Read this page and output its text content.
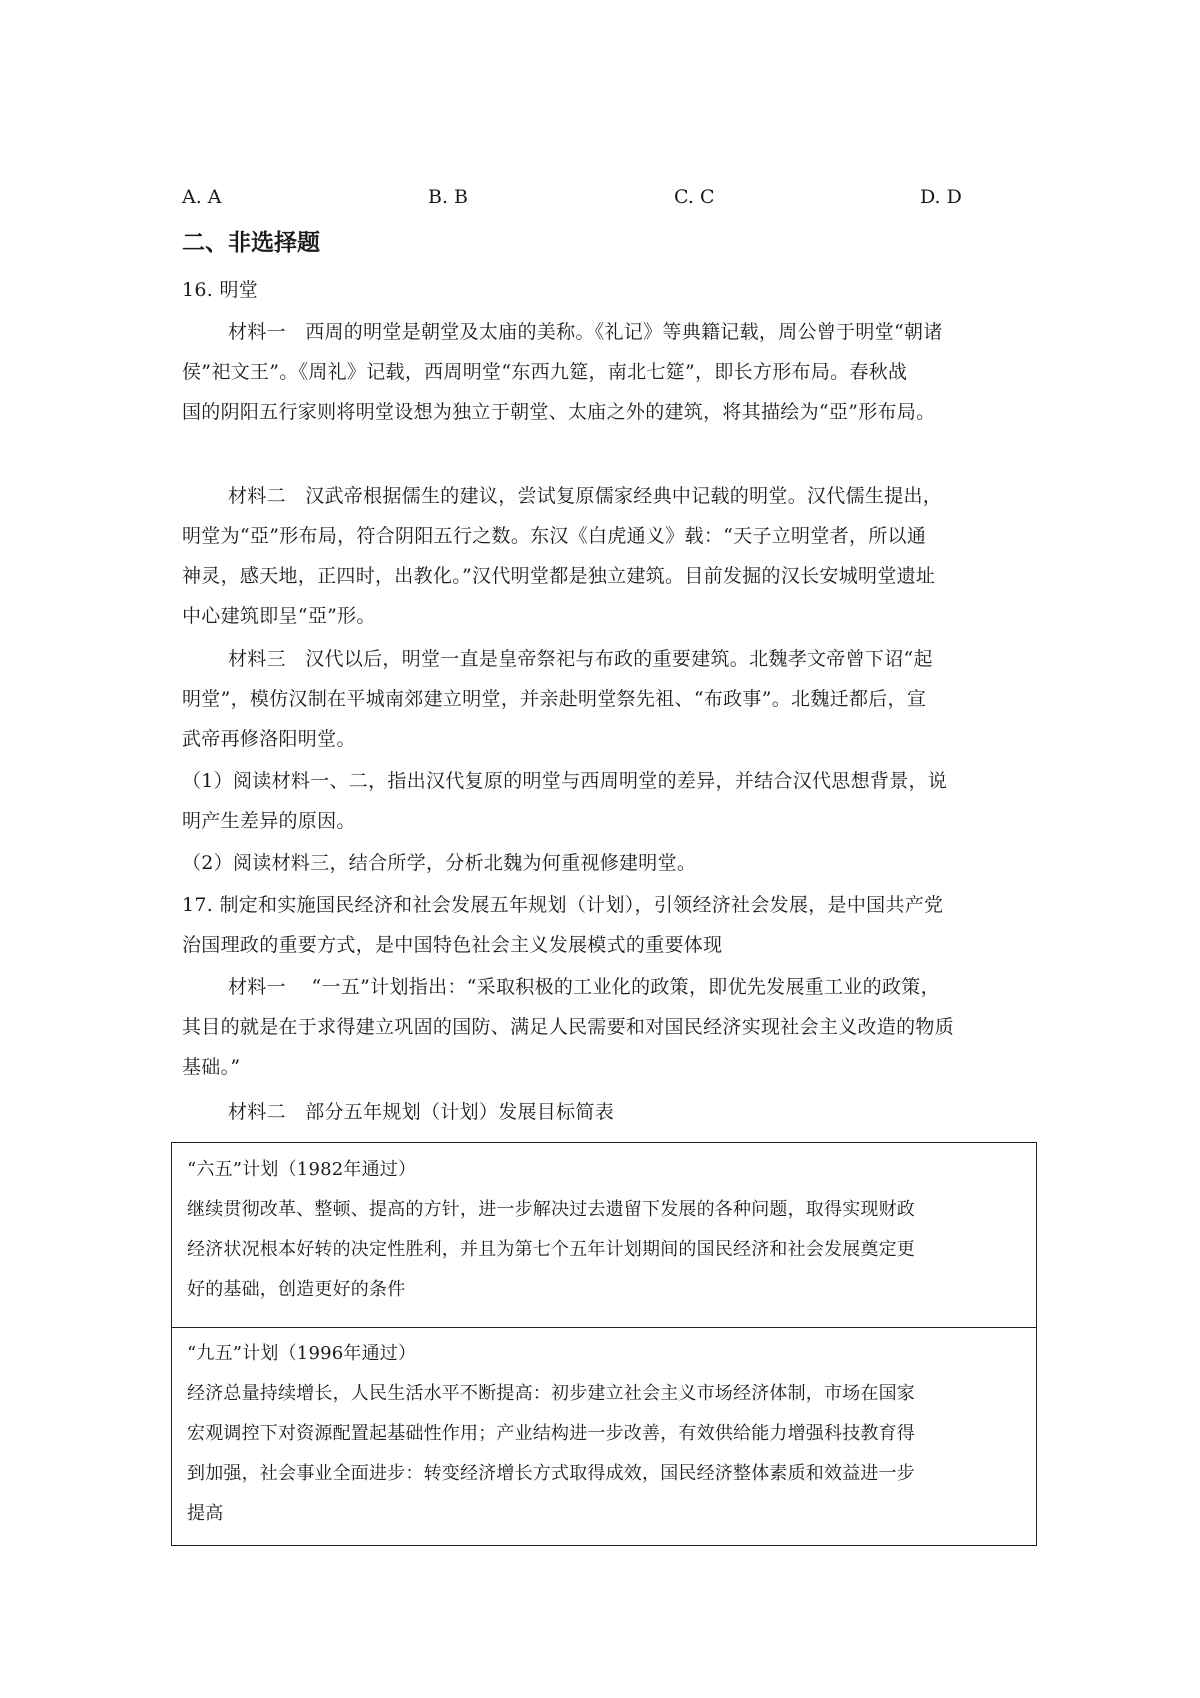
A. A	B. B	C. C	D. D
二、非选择题
16. 明堂
材料一　西周的明堂是朝堂及太庙的美称。《礼记》等典籍记载，周公曾于明堂“朝诸
侯”祀文王”。《周礼》记载，西周明堂“东西九筵，南北七筵”，即长方形布局。春秋战
国的阴阳五行家则将明堂设想为独立于朝堂、太庙之外的建筑，将其描绘为“亞”形布局。
材料二　汉武帝根据儒生的建议，尝试复原儒家经典中记载的明堂。汉代儒生提出，
明堂为“亞”形布局，符合阴阳五行之数。东汉《白虎通义》载：“天子立明堂者，所以通
神灵，感天地，正四时，出教化。”汉代明堂都是独立建筑。目前发掘的汉长安城明堂遗址
中心建筑即呈“亞”形。
材料三　汉代以后，明堂一直是皇帝祭祀与布政的重要建筑。北魏孝文帝曾下诏“起
明堂”，模仿汉制在平城南郊建立明堂，并亲赴明堂祭先祖、“布政事”。北魏迁都后，宣
武帝再修洛阳明堂。
（1）阅读材料一、二，指出汉代复原的明堂与西周明堂的差异，并结合汉代思想背景，说
明产生差异的原因。
（2）阅读材料三，结合所学，分析北魏为何重视修建明堂。
17. 制定和实施国民经济和社会发展五年规划（计划），引领经济社会发展，是中国共产党
治国理政的重要方式，是中国特色社会主义发展模式的重要体现
材料一　 “一五”计划指出：“采取积极的工业化的政策，即优先发展重工业的政策，
其目的就是在于求得建立巩固的国防、满足人民需要和对国民经济实现社会主义改造的物质
基础。”
材料二　部分五年规划（计划）发展目标简表
“六五”计划（1982年通过）
继续贯彻改革、整顿、提高的方针，进一步解决过去遗留下发展的各种问题，取得实现财政
经济状况根本好转的决定性胜利，并且为第七个五年计划期间的国民经济和社会发展奠定更
好的基础，创造更好的条件
“九五”计划（1996年通过）
经济总量持续增长，人民生活水平不断提高：初步建立社会主义市场经济体制，市场在国家
宏观调控下对资源配置起基础性作用；产业结构进一步改善，有效供给能力增强科技教育得
到加强，社会事业全面进步：转变经济增长方式取得成效，国民经济整体素质和效益进一步
提高
